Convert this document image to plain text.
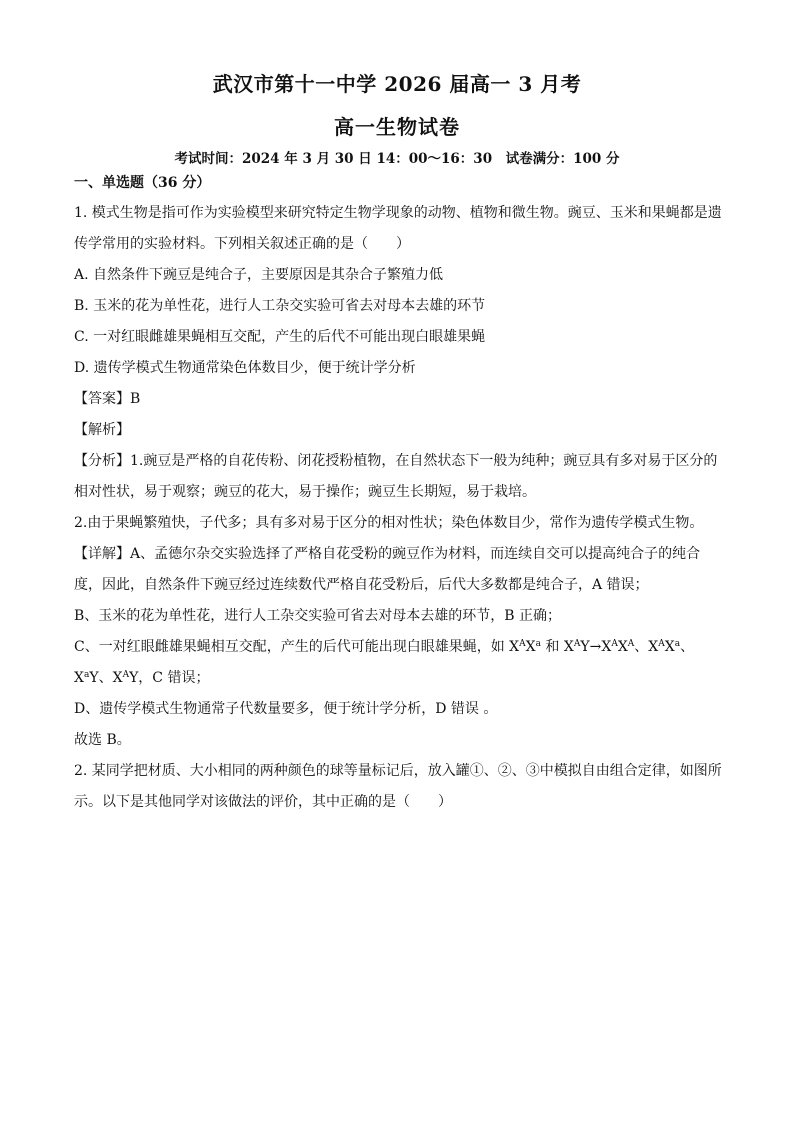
武汉市第十一中学 2026 届高一 3 月考
高一生物试卷
考试时间：2024 年 3 月 30 日 14：00～16：30　试卷满分：100 分
一、单选题（36 分）

1. 模式生物是指可作为实验模型来研究特定生物学现象的动物、植物和微生物。豌豆、玉米和果蝇都是遗

传学常用的实验材料。下列相关叙述正确的是（　　）

A. 自然条件下豌豆是纯合子，主要原因是其杂合子繁殖力低

B. 玉米的花为单性花，进行人工杂交实验可省去对母本去雄的环节

C. 一对红眼雌雄果蝇相互交配，产生的后代不可能出现白眼雄果蝇

D. 遗传学模式生物通常染色体数目少，便于统计学分析

【答案】B

【解析】

【分析】1.豌豆是严格的自花传粉、闭花授粉植物，在自然状态下一般为纯种；豌豆具有多对易于区分的

相对性状，易于观察；豌豆的花大，易于操作；豌豆生长期短，易于栽培。

2.由于果蝇繁殖快，子代多；具有多对易于区分的相对性状；染色体数目少，常作为遗传学模式生物。

【详解】A、孟德尔杂交实验选择了严格自花受粉的豌豆作为材料，而连续自交可以提高纯合子的纯合

度，因此，自然条件下豌豆经过连续数代严格自花受粉后，后代大多数都是纯合子，A 错误；

B、玉米的花为单性花，进行人工杂交实验可省去对母本去雄的环节，B 正确；

C、一对红眼雌雄果蝇相互交配，产生的后代可能出现白眼雄果蝇，如 $X^AX^a$ 和 $X^AY\to X^AX^A$、$X^AX^a$、

$X^aY$、$X^AY$，C 错误；

D、遗传学模式生物通常子代数量要多，便于统计学分析，D 错误 。

故选 B。

2. 某同学把材质、大小相同的两种颜色的球等量标记后，放入罐①、②、③中模拟自由组合定律，如图所

示。以下是其他同学对该做法的评价，其中正确的是（　　）
